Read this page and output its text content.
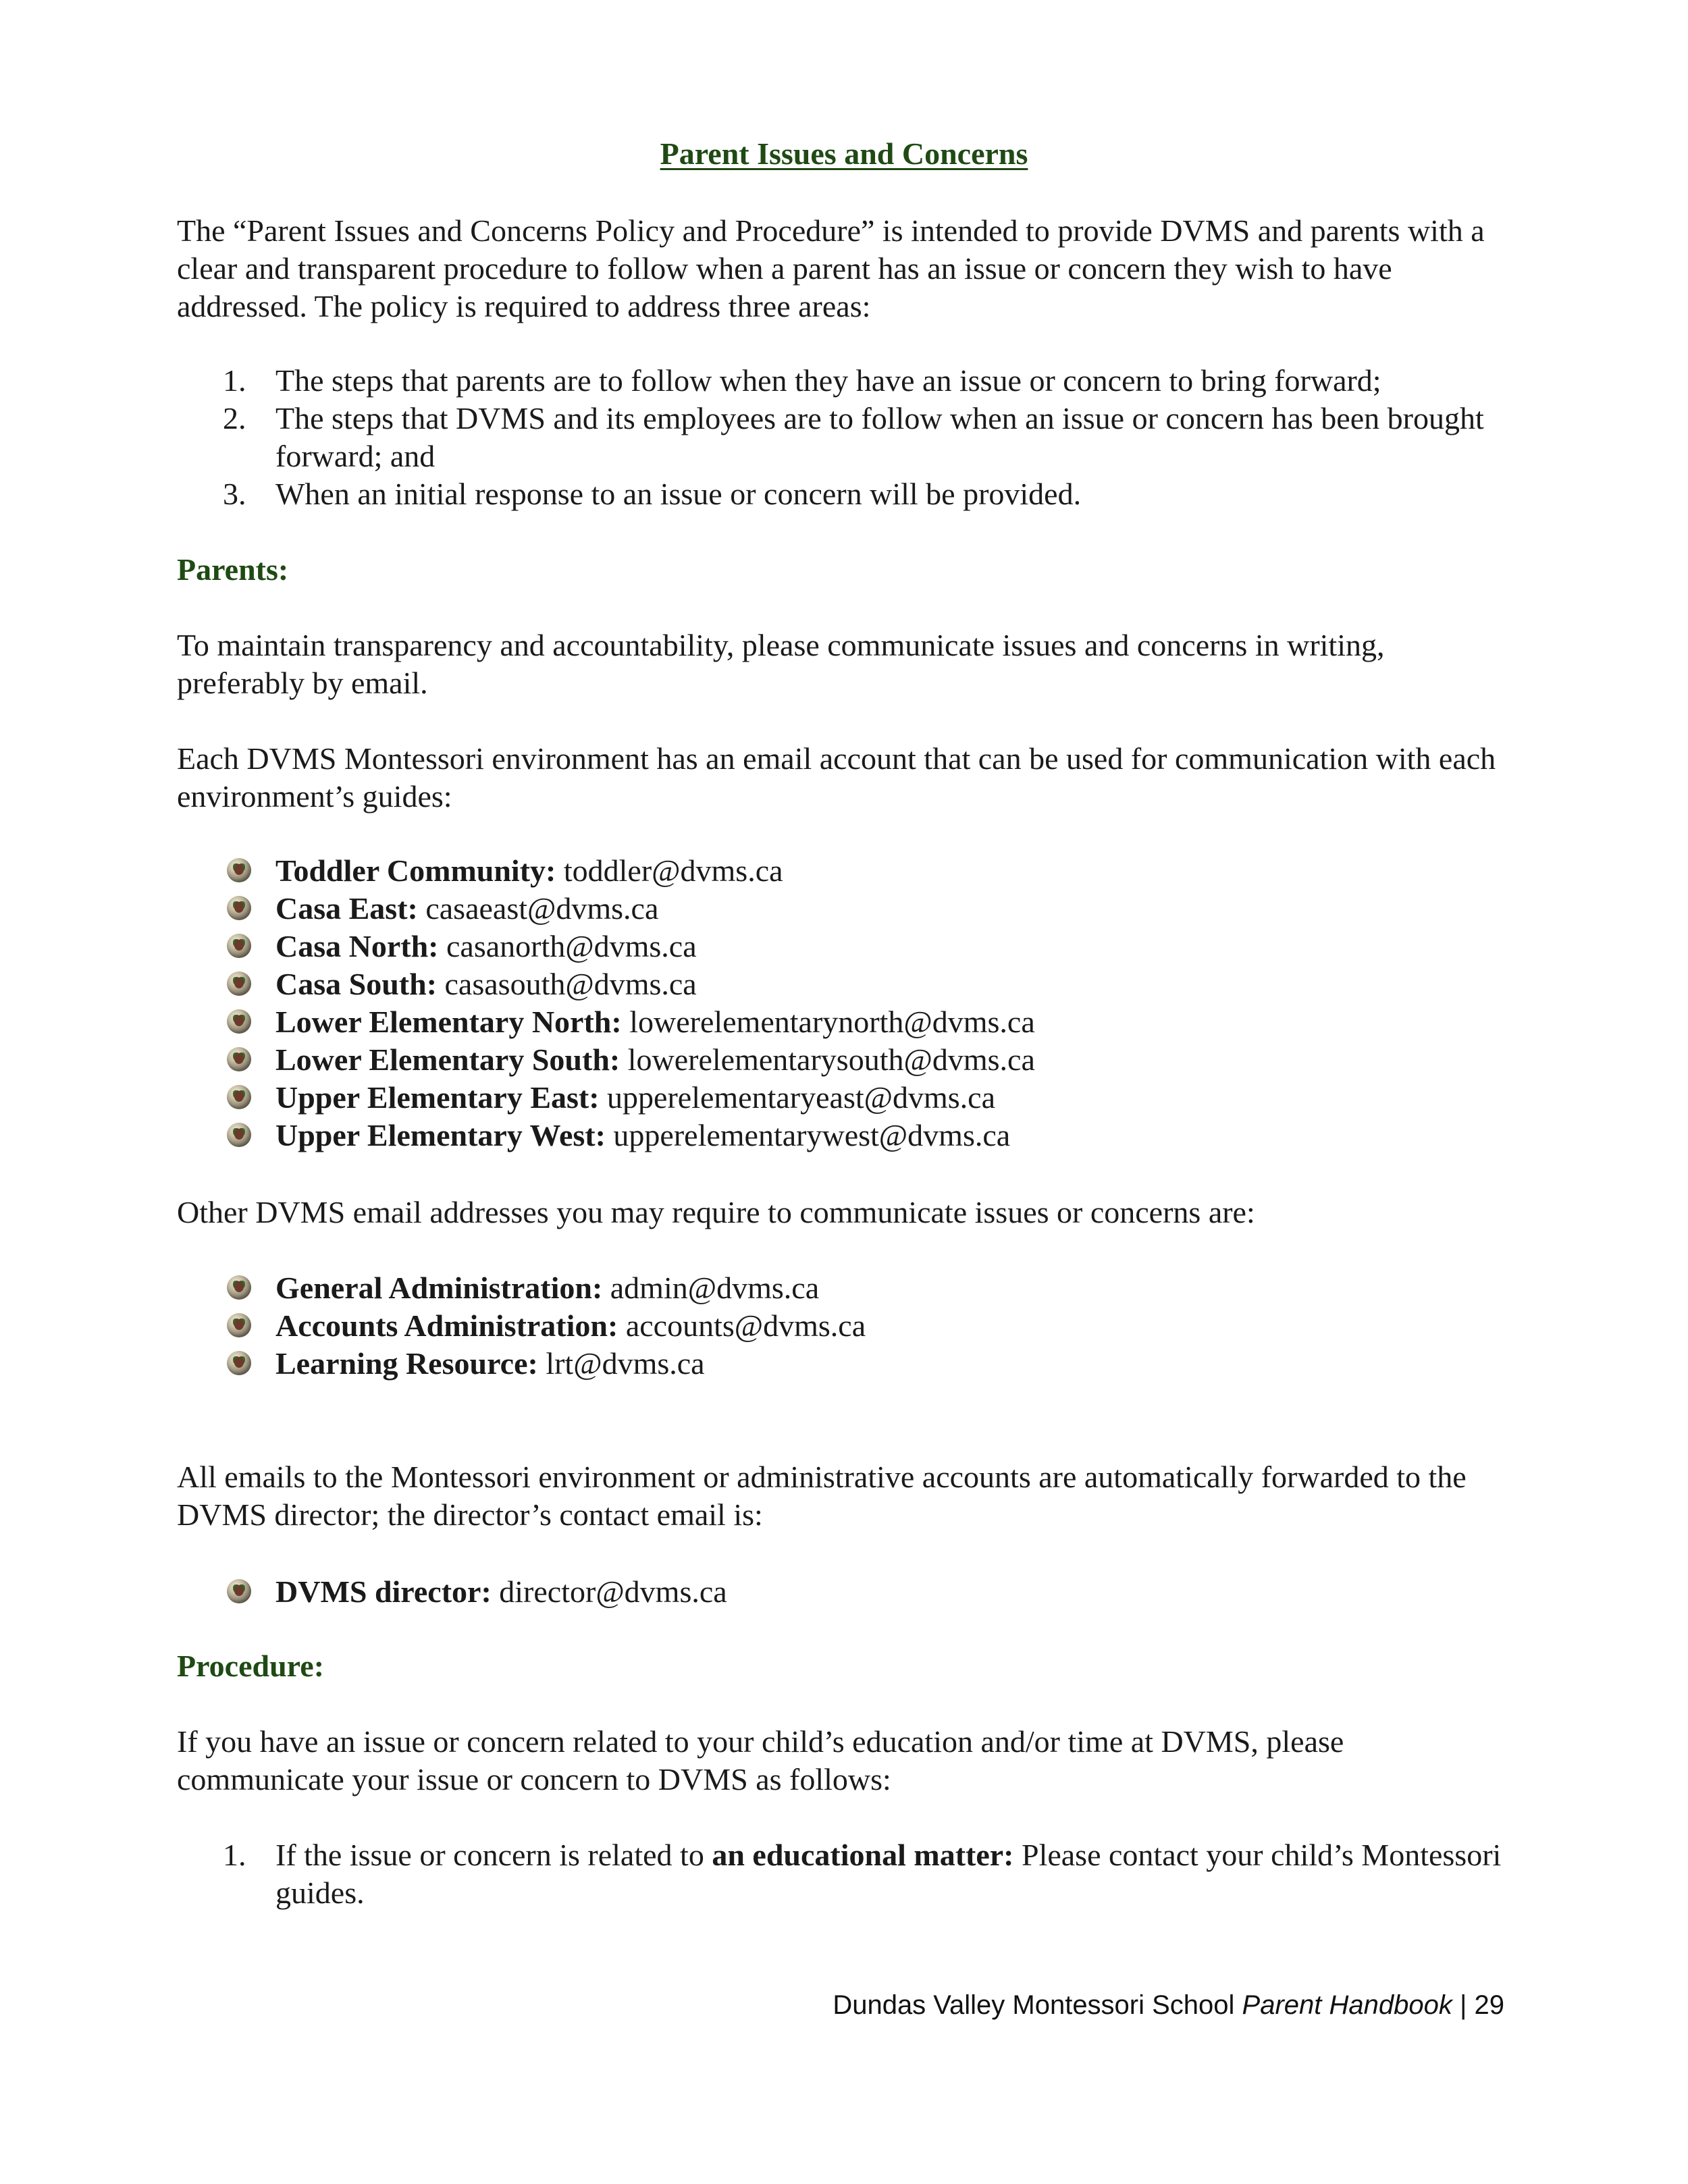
Parent Issues and Concerns

The “Parent Issues and Concerns Policy and Procedure” is intended to provide DVMS and parents with a clear and transparent procedure to follow when a parent has an issue or concern they wish to have addressed. The policy is required to address three areas:

1. The steps that parents are to follow when they have an issue or concern to bring forward;
2. The steps that DVMS and its employees are to follow when an issue or concern has been brought forward; and
3. When an initial response to an issue or concern will be provided.

Parents:

To maintain transparency and accountability, please communicate issues and concerns in writing, preferably by email.

Each DVMS Montessori environment has an email account that can be used for communication with each environment’s guides:

Toddler Community: toddler@dvms.ca
Casa East: casaeast@dvms.ca
Casa North: casanorth@dvms.ca
Casa South: casasouth@dvms.ca
Lower Elementary North: lowerelementarynorth@dvms.ca
Lower Elementary South: lowerelementarysouth@dvms.ca
Upper Elementary East: upperelementaryeast@dvms.ca
Upper Elementary West: upperelementarywest@dvms.ca

Other DVMS email addresses you may require to communicate issues or concerns are:

General Administration: admin@dvms.ca
Accounts Administration: accounts@dvms.ca
Learning Resource: lrt@dvms.ca

All emails to the Montessori environment or administrative accounts are automatically forwarded to the DVMS director; the director’s contact email is:

DVMS director: director@dvms.ca

Procedure:

If you have an issue or concern related to your child’s education and/or time at DVMS, please communicate your issue or concern to DVMS as follows:

1. If the issue or concern is related to an educational matter: Please contact your child’s Montessori guides.
Dundas Valley Montessori School Parent Handbook | 29
